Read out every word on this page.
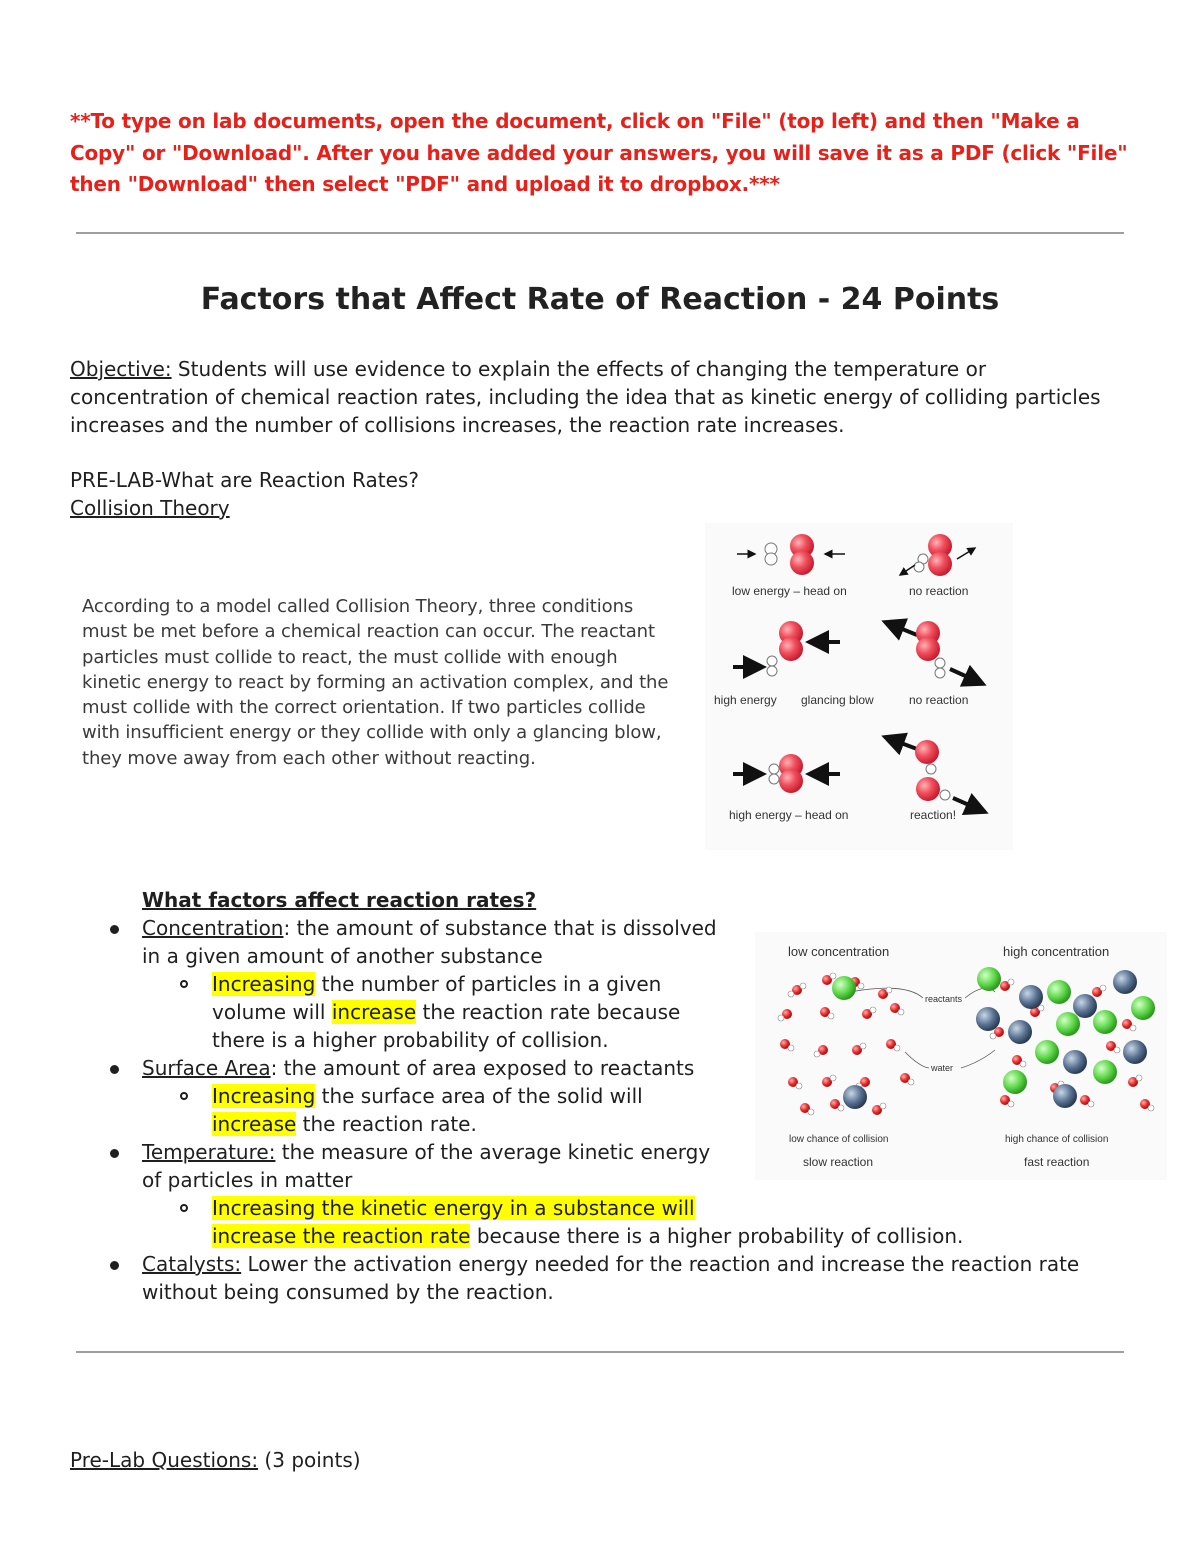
**To type on lab documents, open the document, click on "File" (top left) and then "Make a Copy" or "Download". After you have added your answers, you will save it as a PDF (click "File" then "Download" then select "PDF" and upload it to dropbox.***
Factors that Affect Rate of Reaction - 24 Points
Objective: Students will use evidence to explain the effects of changing the temperature or concentration of chemical reaction rates, including the idea that as kinetic energy of colliding particles increases and the number of collisions increases, the reaction rate increases.
PRE-LAB-What are Reaction Rates?
Collision Theory
According to a model called Collision Theory, three conditions must be met before a chemical reaction can occur. The reactant particles must collide to react, the must collide with enough kinetic energy to react by forming an activation complex, and the must collide with the correct orientation. If two particles collide with insufficient energy or they collide with only a glancing blow, they move away from each other without reacting.
low energy – head on	no reaction
high energy glancing blow	no reaction
high energy – head on	reaction!
low concentration	high concentration
reactants
water
low chance of collision	high chance of collision
slow reaction	fast reaction
What factors affect reaction rates?
Concentration: the amount of substance that is dissolved
in a given amount of another substance
Increasing the number of particles in a given
volume will increase the reaction rate because
there is a higher probability of collision.
Surface Area: the amount of area exposed to reactants
Increasing the surface area of the solid will
increase the reaction rate.
Temperature: the measure of the average kinetic energy
of particles in matter
Increasing the kinetic energy in a substance will
increase the reaction rate because there is a higher probability of collision.
Catalysts: Lower the activation energy needed for the reaction and increase the reaction rate
without being consumed by the reaction.
Pre-Lab Questions: (3 points)
